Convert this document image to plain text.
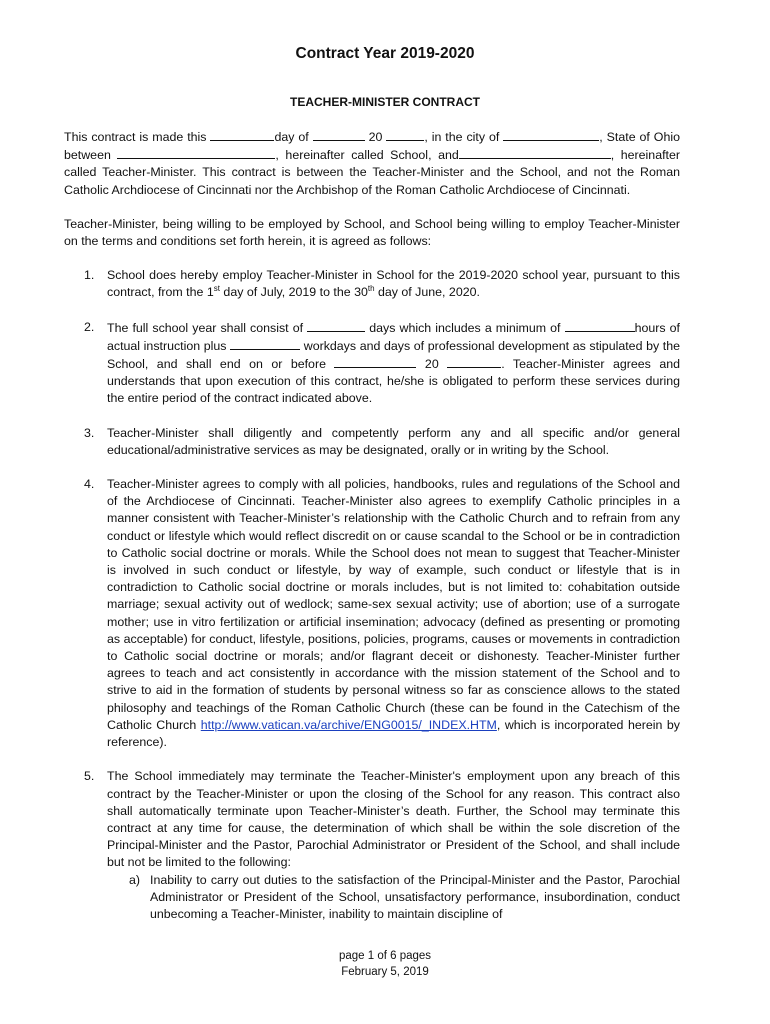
Contract Year 2019-2020
TEACHER-MINISTER CONTRACT

This contract is made this	day of	20	, in the city of	, State of Ohio between	, hereinafter called School, and	, hereinafter called Teacher-Minister. This contract is between the Teacher-Minister and the School, and not the Roman Catholic Archdiocese of Cincinnati nor the Archbishop of the Roman Catholic Archdiocese of Cincinnati.

Teacher-Minister, being willing to be employed by School, and School being willing to employ Teacher-Minister on the terms and conditions set forth herein, it is agreed as follows:

1. School does hereby employ Teacher-Minister in School for the 2019-2020 school year, pursuant to this contract, from the 1st day of July, 2019 to the 30th day of June, 2020.
2. The full school year shall consist of	days which includes a minimum of	hours of actual instruction plus	workdays and days of professional development as stipulated by the School, and shall end on or before	20	. Teacher-Minister agrees and understands that upon execution of this contract, he/she is obligated to perform these services during the entire period of the contract indicated above.
3. Teacher-Minister shall diligently and competently perform any and all specific and/or general educational/administrative services as may be designated, orally or in writing by the School.
4. Teacher-Minister agrees to comply with all policies, handbooks, rules and regulations of the School and of the Archdiocese of Cincinnati. Teacher-Minister also agrees to exemplify Catholic principles in a manner consistent with Teacher-Minister’s relationship with the Catholic Church and to refrain from any conduct or lifestyle which would reflect discredit on or cause scandal to the School or be in contradiction to Catholic social doctrine or morals. While the School does not mean to suggest that Teacher-Minister is involved in such conduct or lifestyle, by way of example, such conduct or lifestyle that is in contradiction to Catholic social doctrine or morals includes, but is not limited to: cohabitation outside marriage; sexual activity out of wedlock; same-sex sexual activity; use of abortion; use of a surrogate mother; use in vitro fertilization or artificial insemination; advocacy (defined as presenting or promoting as acceptable) for conduct, lifestyle, positions, policies, programs, causes or movements in contradiction to Catholic social doctrine or morals; and/or flagrant deceit or dishonesty. Teacher-Minister further agrees to teach and act consistently in accordance with the mission statement of the School and to strive to aid in the formation of students by personal witness so far as conscience allows to the stated philosophy and teachings of the Roman Catholic Church (these can be found in the Catechism of the Catholic Church http://www.vatican.va/archive/ENG0015/_INDEX.HTM, which is incorporated herein by reference).
5. The School immediately may terminate the Teacher-Minister's employment upon any breach of this contract by the Teacher-Minister or upon the closing of the School for any reason. This contract also shall automatically terminate upon Teacher-Minister’s death. Further, the School may terminate this contract at any time for cause, the determination of which shall be within the sole discretion of the Principal-Minister and the Pastor, Parochial Administrator or President of the School, and shall include but not be limited to the following:
a) Inability to carry out duties to the satisfaction of the Principal-Minister and the Pastor, Parochial Administrator or President of the School, unsatisfactory performance, insubordination, conduct unbecoming a Teacher-Minister, inability to maintain discipline of
page 1 of 6 pages
February 5, 2019
